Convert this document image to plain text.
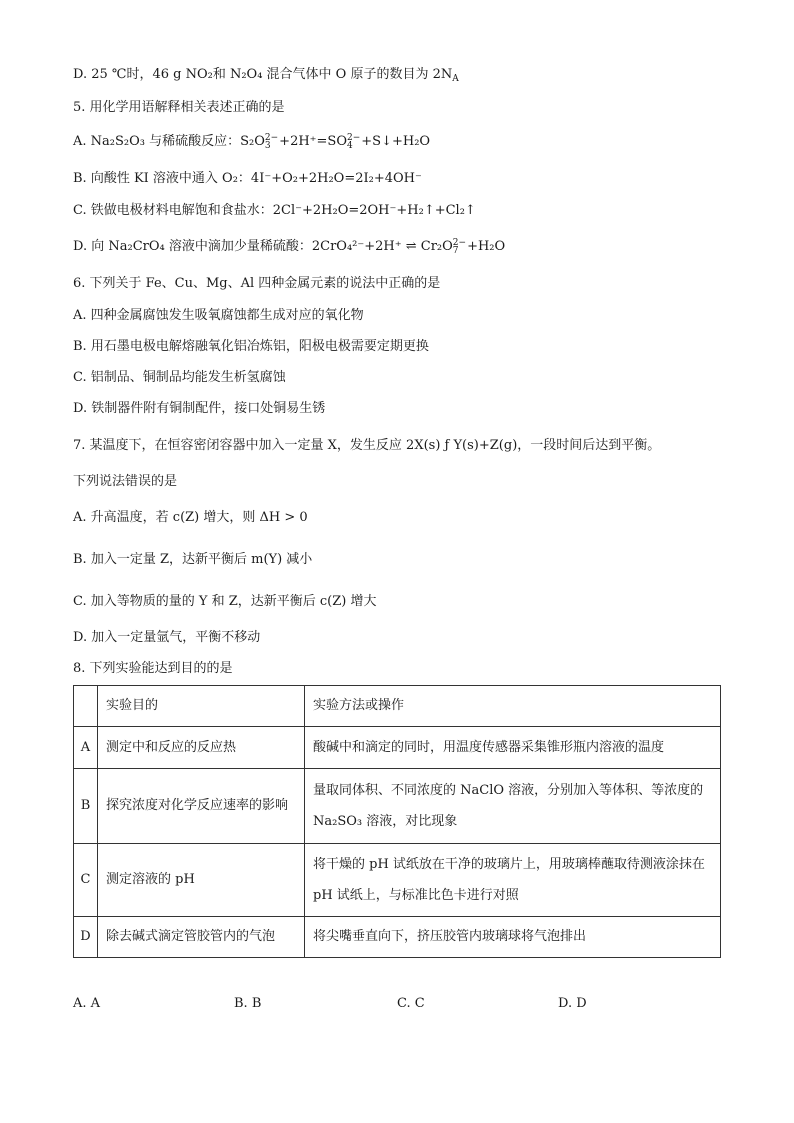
D. 25 ℃时，46 g NO₂和 N₂O₄ 混合气体中 O 原子的数目为 $2N_A$
5. 用化学用语解释相关表述正确的是
A. Na₂S₂O₃ 与稀硫酸反应：S₂O 2−
3 +2H⁺=SO 2−
4 +S↓+H₂O
B. 向酸性 KI 溶液中通入 O₂：4I⁻+O₂+2H₂O=2I₂+4OH⁻
C. 铁做电极材料电解饱和食盐水：2Cl⁻+2H₂O=2OH⁻+H₂↑+Cl₂↑
D. 向 Na₂CrO₄ 溶液中滴加少量稀硫酸：2CrO₄²⁻+2H⁺ ⇌ Cr₂O 2−
7 +H₂O
6. 下列关于 Fe、Cu、Mg、Al 四种金属元素的说法中正确的是
A. 四种金属腐蚀发生吸氧腐蚀都生成对应的氧化物
B. 用石墨电极电解熔融氧化铝冶炼铝，阳极电极需要定期更换
C. 铝制品、铜制品均能发生析氢腐蚀
D. 铁制器件附有铜制配件，接口处铜易生锈
7. 某温度下，在恒容密闭容器中加入一定量 X，发生反应 2X(s) ƒ Y(s)+Z(g)，一段时间后达到平衡。
下列说法错误的是
A. 升高温度，若 c(Z) 增大，则 ΔH > 0
B. 加入一定量 Z，达新平衡后 m(Y) 减小
C. 加入等物质的量的 Y 和 Z，达新平衡后 c(Z) 增大
D. 加入一定量氩气，平衡不移动
8. 下列实验能达到目的的是
	实验目的	实验方法或操作
A	测定中和反应的反应热	酸碱中和滴定的同时，用温度传感器采集锥形瓶内溶液的温度
B	探究浓度对化学反应速率的影响	量取同体积、不同浓度的 NaClO 溶液，分别加入等体积、等浓度的 Na₂SO₃ 溶液，对比现象
C	测定溶液的 pH	将干燥的 pH 试纸放在干净的玻璃片上，用玻璃棒蘸取待测液涂抹在 pH 试纸上，与标准比色卡进行对照
D	除去碱式滴定管胶管内的气泡	将尖嘴垂直向下，挤压胶管内玻璃球将气泡排出
A. A	B. B	C. C	D. D
